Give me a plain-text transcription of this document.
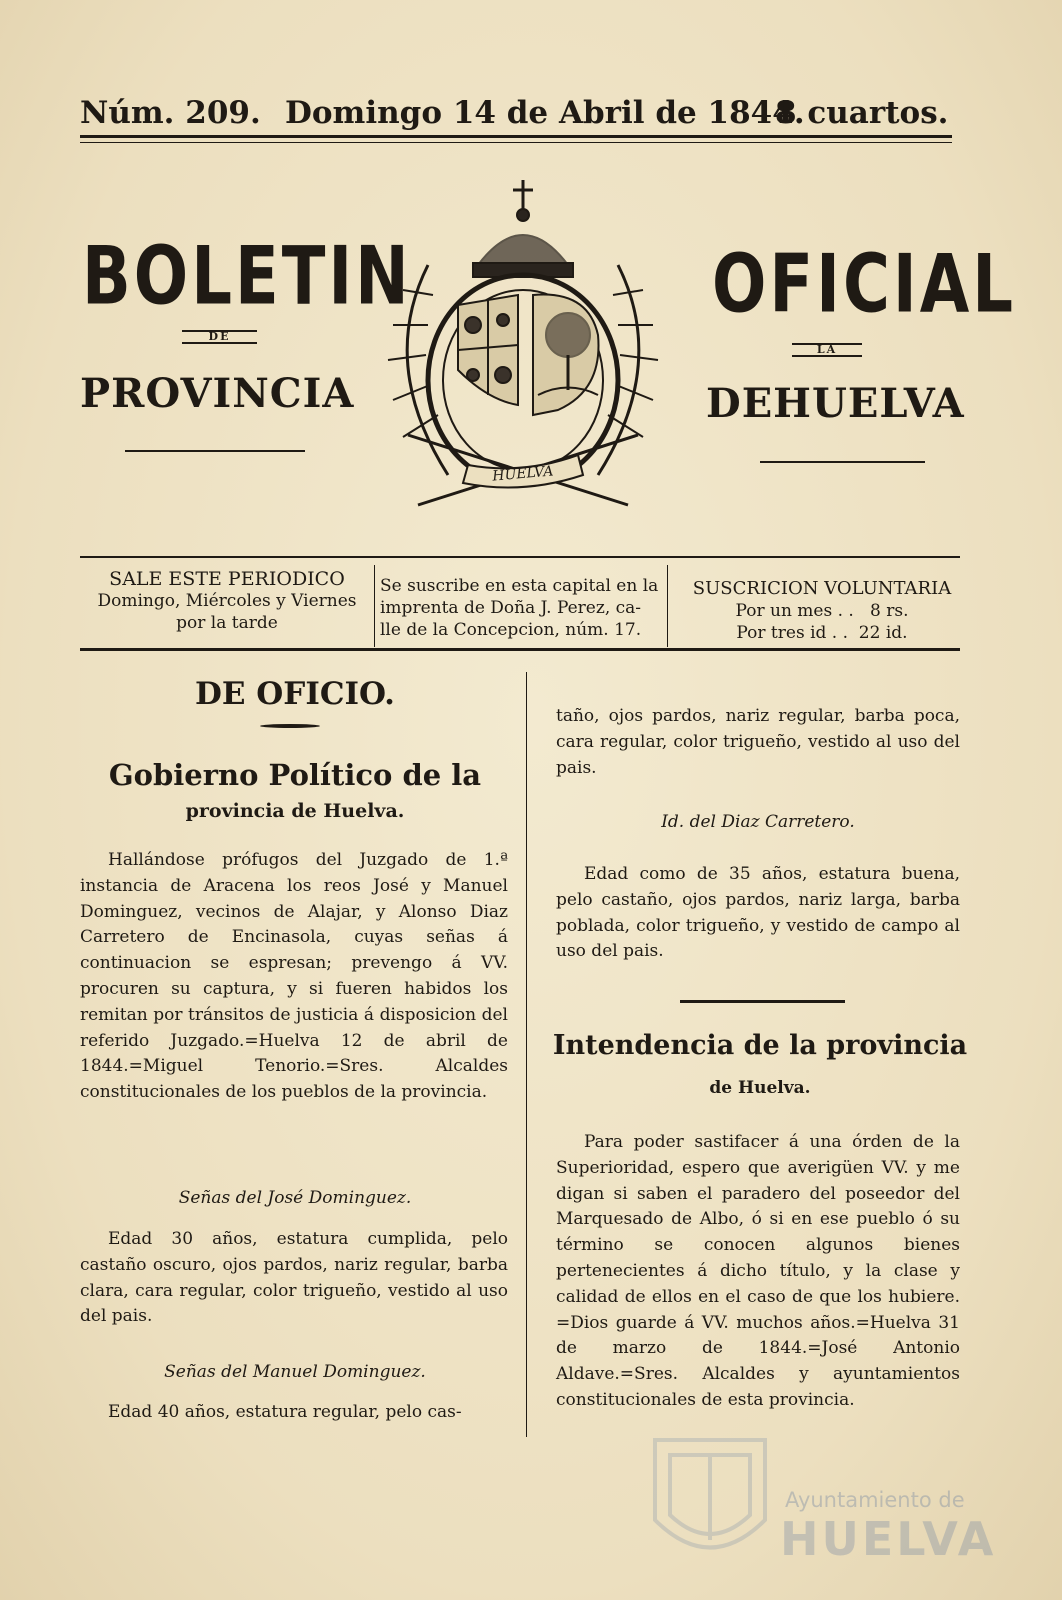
Núm. 209. Domingo 14 de Abril de 1844.
8 cuartos.
BOLETIN	OFICIAL
DE
LA
PROVINCIA	DEHUELVA
HUELVA
SALE ESTE PERIODICO
Domingo, Miércoles y Viernes
por la tarde
Se suscribe en esta capital en la
imprenta de Doña J. Perez, ca-
lle de la Concepcion, núm. 17.
SUSCRICION VOLUNTARIA
Por un mes . .   8 rs.
Por tres id . .  22 id.
DE OFICIO.
Gobierno Político de la
provincia de Huelva.

Hallándose prófugos del Juzgado de 1.ª instancia de Aracena los reos José y Manuel Dominguez, vecinos de Alajar, y Alonso Diaz Carretero de Encinasola, cuyas señas á continuacion se espresan; prevengo á VV. procuren su captura, y si fueren habidos los remitan por tránsitos de justicia á disposicion del referido Juzgado.=Huelva 12 de abril de 1844.=Miguel Tenorio.=Sres. Alcaldes constitucionales de los pueblos de la provincia.

Señas del José Dominguez.

Edad 30 años, estatura cumplida, pelo castaño oscuro, ojos pardos, nariz regular, barba clara, cara regular, color trigueño, vestido al uso del pais.

Señas del Manuel Dominguez.

Edad 40 años, estatura regular, pelo cas-

taño, ojos pardos, nariz regular, barba poca, cara regular, color trigueño, vestido al uso del pais.

Id. del Diaz Carretero.

Edad como de 35 años, estatura buena, pelo castaño, ojos pardos, nariz larga, barba poblada, color trigueño, y vestido de campo al uso del pais.

Intendencia de la provincia
de Huelva.

Para poder sastifacer á una órden de la Superioridad, espero que averigüen VV. y me digan si saben el paradero del poseedor del Marquesado de Albo, ó si en ese pueblo ó su término se conocen algunos bienes pertenecientes á dicho título, y la clase y calidad de ellos en el caso de que los hubiere. =Dios guarde á VV. muchos años.=Huelva 31 de marzo de 1844.=José Antonio Aldave.=Sres. Alcaldes y ayuntamientos constitucionales de esta provincia.

Ayuntamiento de
HUELVA
